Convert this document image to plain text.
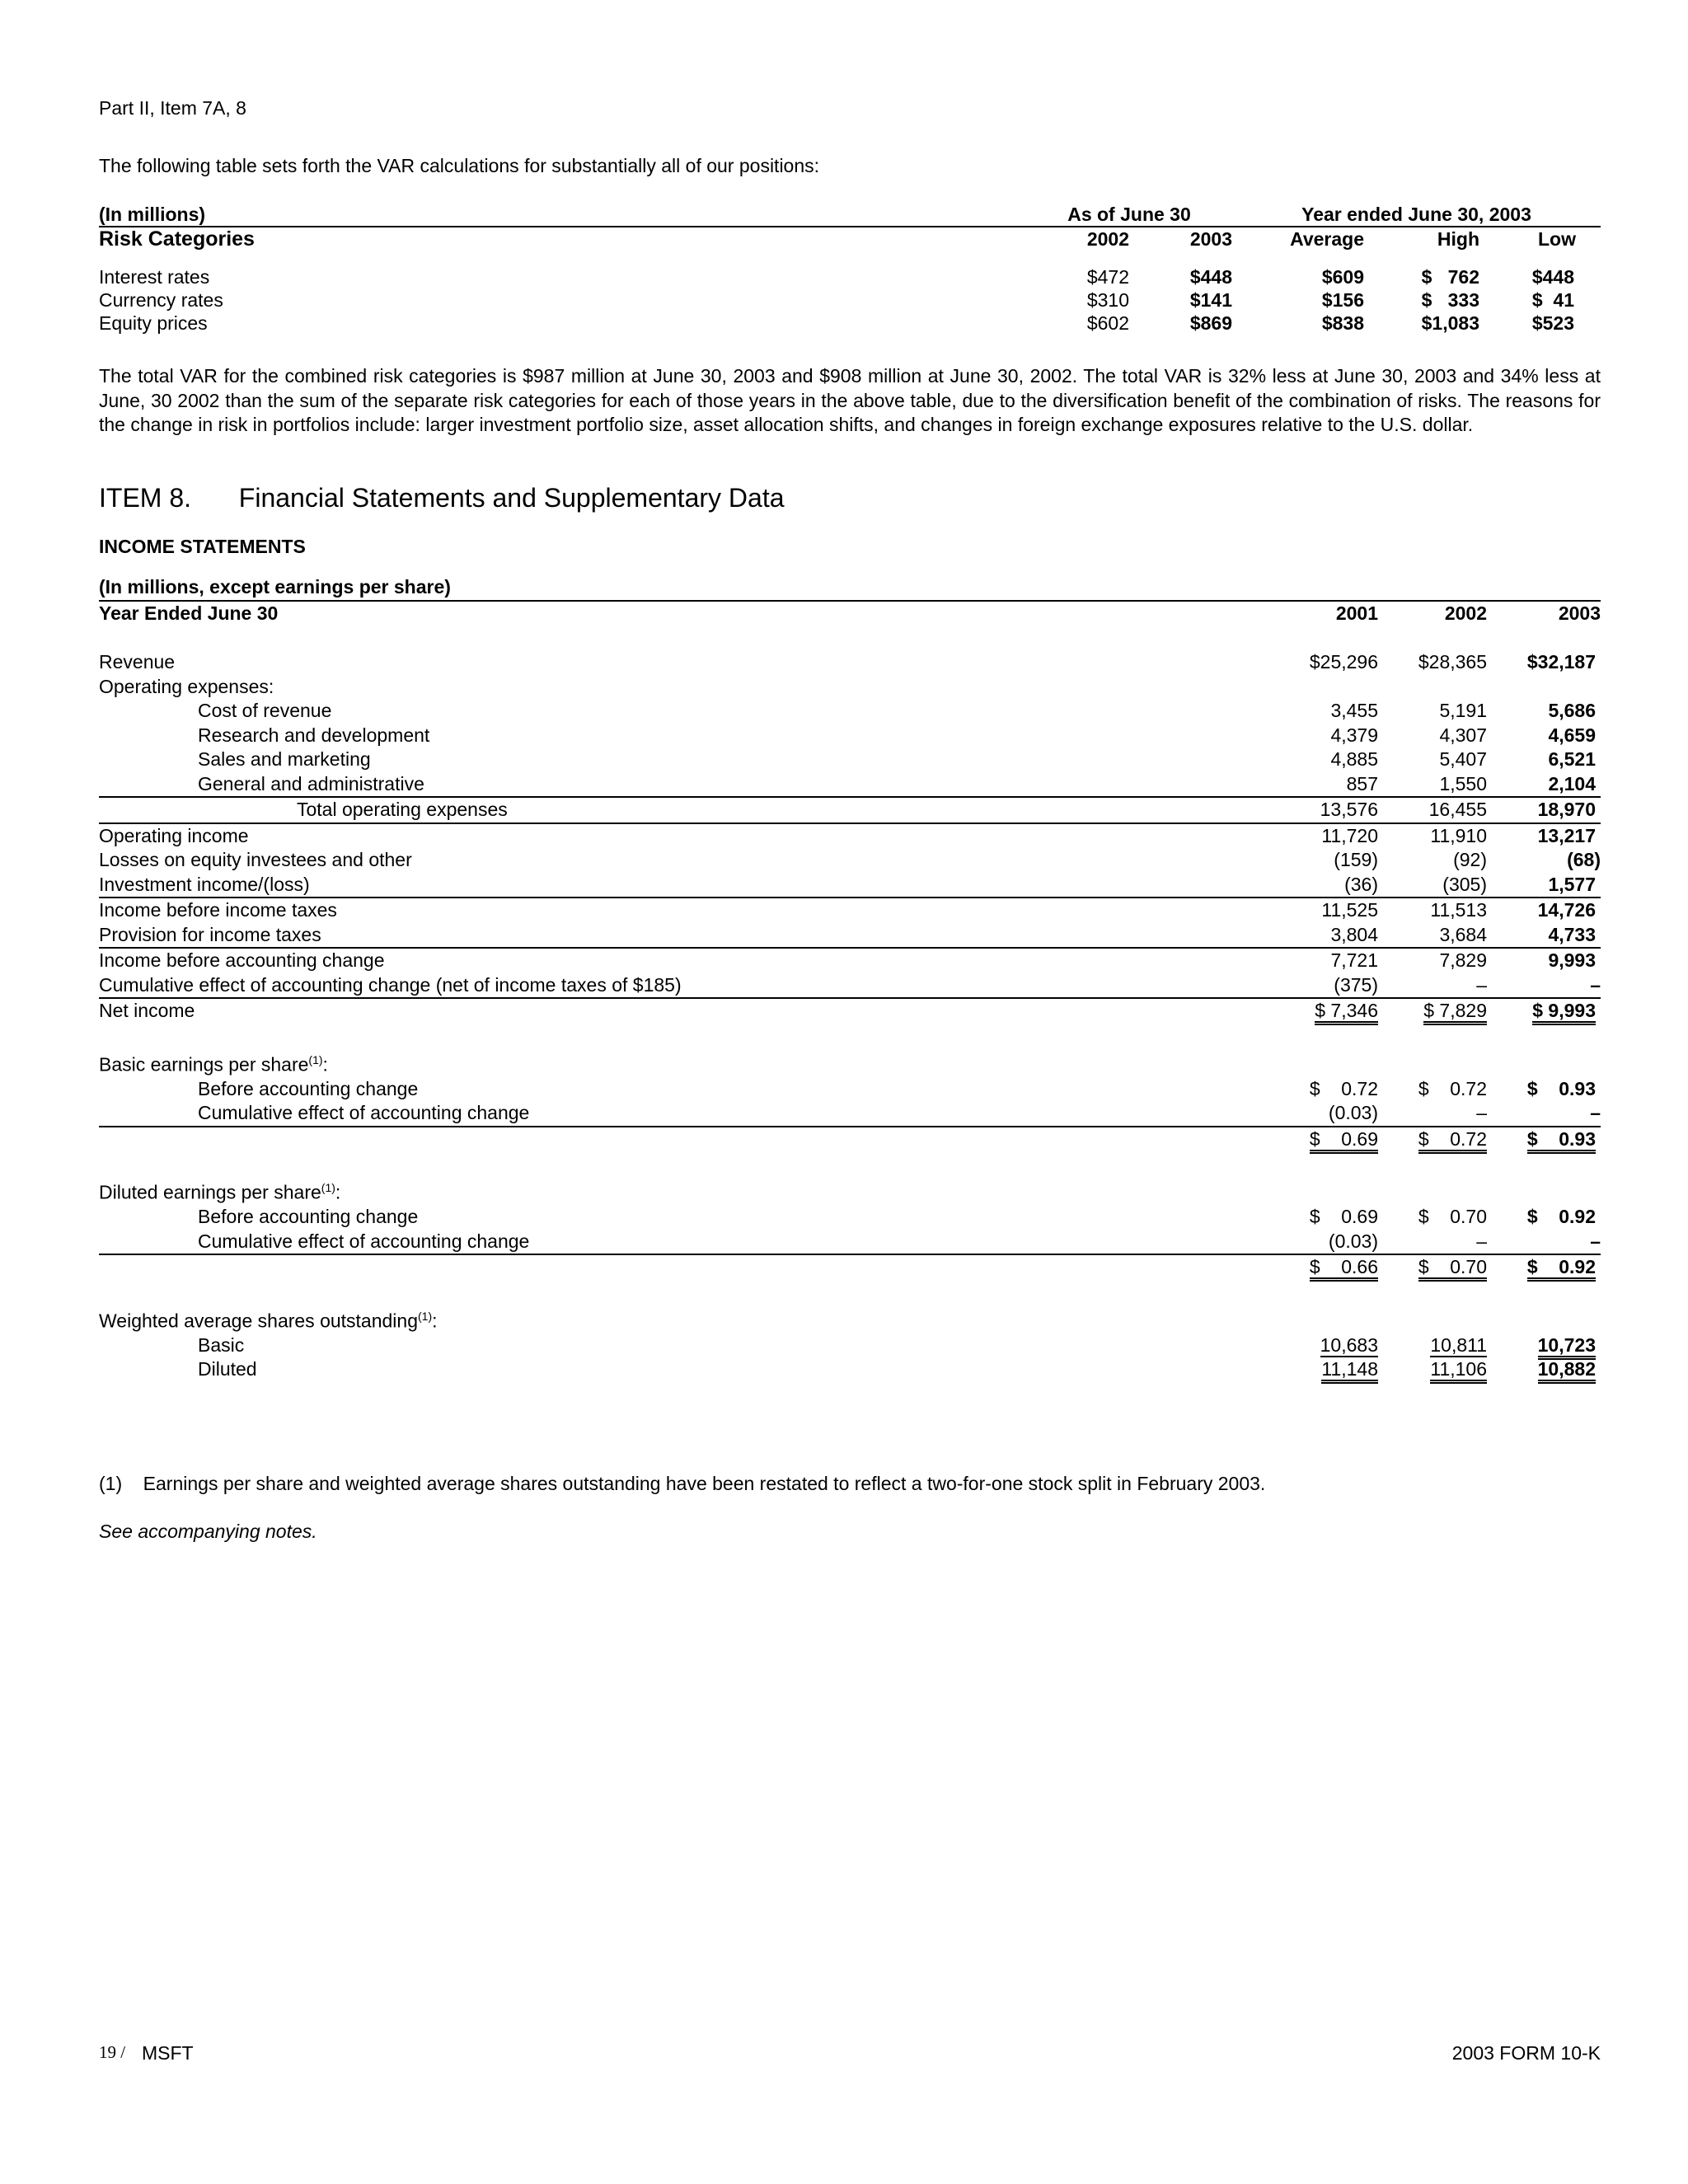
Part II, Item 7A, 8
The following table sets forth the VAR calculations for substantially all of our positions:
(In millions)	As of June 30		Year ended June 30, 2003		
Risk Categories	2002	2003	Average	High	Low

Interest rates	$472	$448	$609	$   762	$448
Currency rates	$310	$141	$156	$   333	$  41
Equity prices	$602	$869	$838	$1,083	$523

The total VAR for the combined risk categories is $987 million at June 30, 2003 and $908 million at June 30, 2002. The total VAR is 32% less at June 30, 2003 and 34% less at June, 30 2002 than the sum of the separate risk categories for each of those years in the above table, due to the diversification benefit of the combination of risks. The reasons for the change in risk in portfolios include: larger investment portfolio size, asset allocation shifts, and changes in foreign exchange exposures relative to the U.S. dollar.

ITEM 8. Financial Statements and Supplementary Data
INCOME STATEMENTS
(In millions, except earnings per share)			
Year Ended June 30	2001	2002	2003

Revenue	$25,296	$28,365	$32,187
Operating expenses:			
Cost of revenue	3,455	5,191	5,686
Research and development	4,379	4,307	4,659
Sales and marketing	4,885	5,407	6,521
General and administrative	857	1,550	2,104
Total operating expenses	13,576	16,455	18,970
Operating income	11,720	11,910	13,217
Losses on equity investees and other	(159)	(92)	(68)
Investment income/(loss)	(36)	(305)	1,577
Income before income taxes	11,525	11,513	14,726
Provision for income taxes	3,804	3,684	4,733
Income before accounting change	7,721	7,829	9,993
Cumulative effect of accounting change (net of income taxes of $185)	(375)	–	–
Net income	$ 7,346	$ 7,829	$ 9,993

Basic earnings per share$^{(1)}$:			
Before accounting change	$    0.72	$    0.72	$    0.93
Cumulative effect of accounting change	(0.03)	–	–
	$    0.69	$    0.72	$    0.93

Diluted earnings per share$^{(1)}$:			
Before accounting change	$    0.69	$    0.70	$    0.92
Cumulative effect of accounting change	(0.03)	–	–
	$    0.66	$    0.70	$    0.92

Weighted average shares outstanding$^{(1)}$:			
Basic	10,683	10,811	10,723
Diluted	11,148	11,106	10,882
(1)    Earnings per share and weighted average shares outstanding have been restated to reflect a two-for-one stock split in February 2003.
See accompanying notes.
19 / MSFT	2003 FORM 10-K
